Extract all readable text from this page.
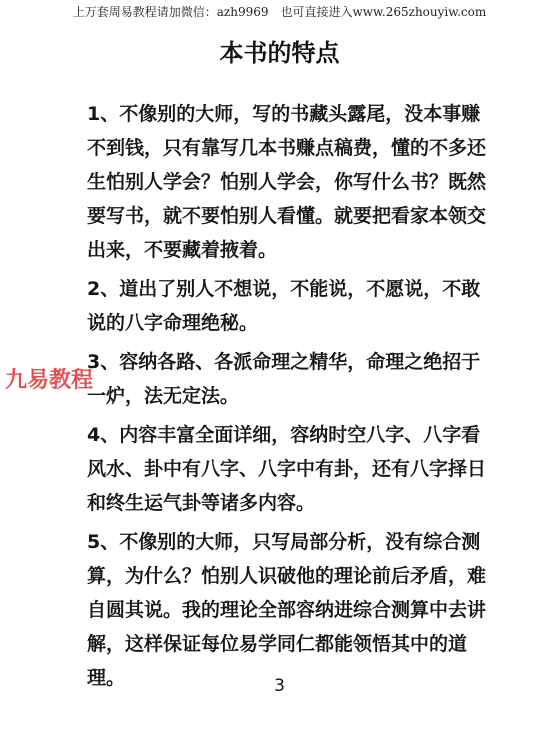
上万套周易教程请加微信：azh9969　也可直接进入www.265zhouyiw.com
本书的特点

1、不像别的大师，写的书藏头露尾，没本事赚不到钱，只有靠写几本书赚点稿费，懂的不多还生怕别人学会？怕别人学会，你写什么书？既然要写书，就不要怕别人看懂。就要把看家本领交出来，不要藏着掖着。

2、道出了别人不想说，不能说，不愿说，不敢说的八字命理绝秘。

3、容纳各路、各派命理之精华，命理之绝招于一炉，法无定法。

4、内容丰富全面详细，容纳时空八字、八字看风水、卦中有八字、八字中有卦，还有八字择日和终生运气卦等诸多内容。

5、不像别的大师，只写局部分析，没有综合测算，为什么？怕别人识破他的理论前后矛盾，难自圆其说。我的理论全部容纳进综合测算中去讲解，这样保证每位易学同仁都能领悟其中的道理。

九易教程
3
